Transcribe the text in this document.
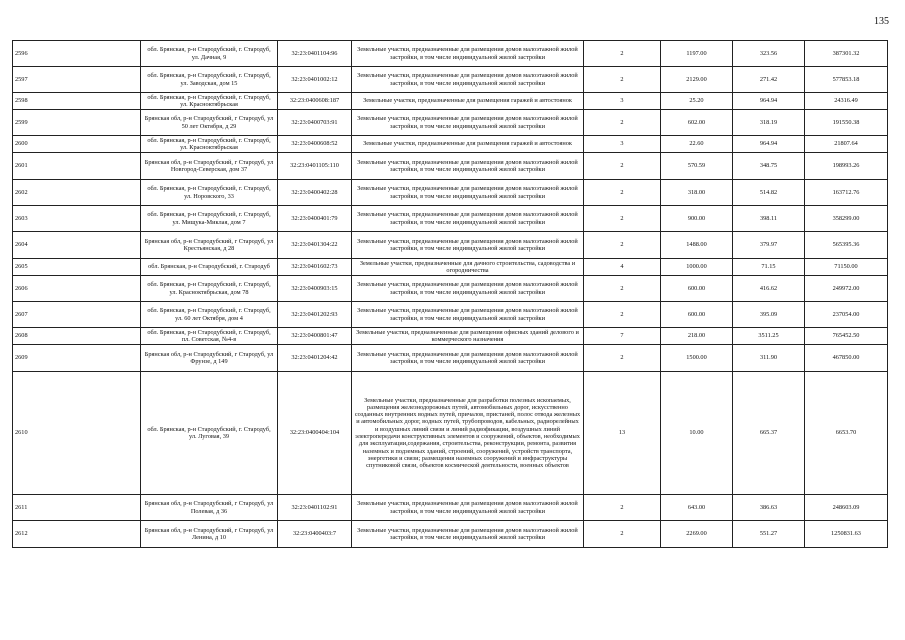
135
2596	обл. Брянская, р-н Стародубский, г. Стародуб, ул. Дачная, 9	32:23:0401104:96	Земельные участки, предназначенные для размещения домов малоэтажной жилой застройки, в том числе индивидуальной жилой застройки	2	1197.00	323.56	387301.32
2597	обл. Брянская, р-н Стародубский, г. Стародуб, ул. Заводская, дом 15	32:23:0401002:12	Земельные участки, предназначенные для размещения домов малоэтажной жилой застройки, в том числе индивидуальной жилой застройки	2	2129.00	271.42	577853.18
2598	обл. Брянская, р-н Стародубский, г. Стародуб, ул. Красноктябрьская	32:23:0400608:187	Земельные участки, предназначенные для размещения гаражей и автостоянок	3	25.20	964.94	24316.49
2599	Брянская обл, р-н Стародубский, г Стародуб, ул 50 лет Октября, д 29	32:23:0400703:91	Земельные участки, предназначенные для размещения домов малоэтажной жилой застройки, в том числе индивидуальной жилой застройки	2	602.00	318.19	191550.38
2600	обл. Брянская, р-н Стародубский, г. Стародуб, ул. Красноктябрьская	32:23:0400608:52	Земельные участки, предназначенные для размещения гаражей и автостоянок	3	22.60	964.94	21807.64
2601	Брянская обл, р-н Стародубский, г Стародуб, ул Новгород-Северская, дом 37	32:23:0401105:110	Земельные участки, предназначенные для размещения домов малоэтажной жилой застройки, в том числе индивидуальной жилой застройки	2	570.59	348.75	198993.26
2602	обл. Брянская, р-н Стародубский, г. Стародуб, ул. Норовского, 33	32:23:0400402:28	Земельные участки, предназначенные для размещения домов малоэтажной жилой застройки, в том числе индивидуальной жилой застройки	2	318.00	514.82	163712.76
2603	обл. Брянская, р-н Стародубский, г. Стародуб, ул. Мищука-Миклая, дом 7	32:23:0400401:79	Земельные участки, предназначенные для размещения домов малоэтажной жилой застройки, в том числе индивидуальной жилой застройки	2	900.00	398.11	358299.00
2604	Брянская обл, р-н Стародубский, г Стародуб, ул Крестьянская, д 28	32:23:0401304:22	Земельные участки, предназначенные для размещения домов малоэтажной жилой застройки, в том числе индивидуальной жилой застройки	2	1488.00	379.97	565395.36
2605	обл. Брянская, р-н Стародубский, г. Стародуб	32:23:0401602:73	Земельные участки, предназначенные для дачного строительства, садоводства и огородничества	4	1000.00	71.15	71150.00
2606	обл. Брянская, р-н Стародубский, г. Стародуб, ул. Красноктябрьская, дом 78	32:23:0400903:15	Земельные участки, предназначенные для размещения домов малоэтажной жилой застройки, в том числе индивидуальной жилой застройки	2	600.00	416.62	249972.00
2607	обл. Брянская, р-н Стародубский, г. Стародуб, ул. 60 лет Октября, дом 4	32:23:0401202:93	Земельные участки, предназначенные для размещения домов малоэтажной жилой застройки, в том числе индивидуальной жилой застройки	2	600.00	395.09	237054.00
2608	обл. Брянская, р-н Стародубский, г. Стародуб, пл. Советская, №4-в	32:23:0400801:47	Земельные участки, предназначенные для размещения офисных зданий делового и коммерческого назначения	7	218.00	3511.25	765452.50
2609	Брянская обл, р-н Стародубский, г Стародуб, ул Фрунзе, д 149	32:23:0401204:42	Земельные участки, предназначенные для размещения домов малоэтажной жилой застройки, в том числе индивидуальной жилой застройки	2	1500.00	311.90	467850.00
2610	обл. Брянская, р-н Стародубский, г. Стародуб, ул. Луговая, 39	32:23:0400404:104	Земельные участки, предназначенные для разработки полезных ископаемых, размещения железнодорожных путей, автомобильных дорог, искусственно созданных внутренних водных путей, причалов, пристаней, полос отвода железных и автомобильных дорог, водных путей, трубопроводов, кабельных, радиорелейных и воздушных линий связи и линий радиофикации, воздушных линий электропередачи конструктивных элементов и сооружений, объектов, необходимых для эксплуатации,содержания, строительства, реконструкции, ремонта, развития наземных и подземных зданий, строений, сооружений, устройств транспорта, энергетики и связи; размещения наземных сооружений и инфраструктуры спутниковой связи, объектов космической деятельности, военных объектов	13	10.00	665.37	6653.70
2611	Брянская обл, р-н Стародубский, г Стародуб, ул Полевая, д 36	32:23:0401102:91	Земельные участки, предназначенные для размещения домов малоэтажной жилой застройки, в том числе индивидуальной жилой застройки	2	643.00	386.63	248603.09
2612	Брянская обл, р-н Стародубский, г Стародуб, ул Ленина, д 10	32:23:0400403:7	Земельные участки, предназначенные для размещения домов малоэтажной жилой застройки, в том числе индивидуальной жилой застройки	2	2269.00	551.27	1250831.63
